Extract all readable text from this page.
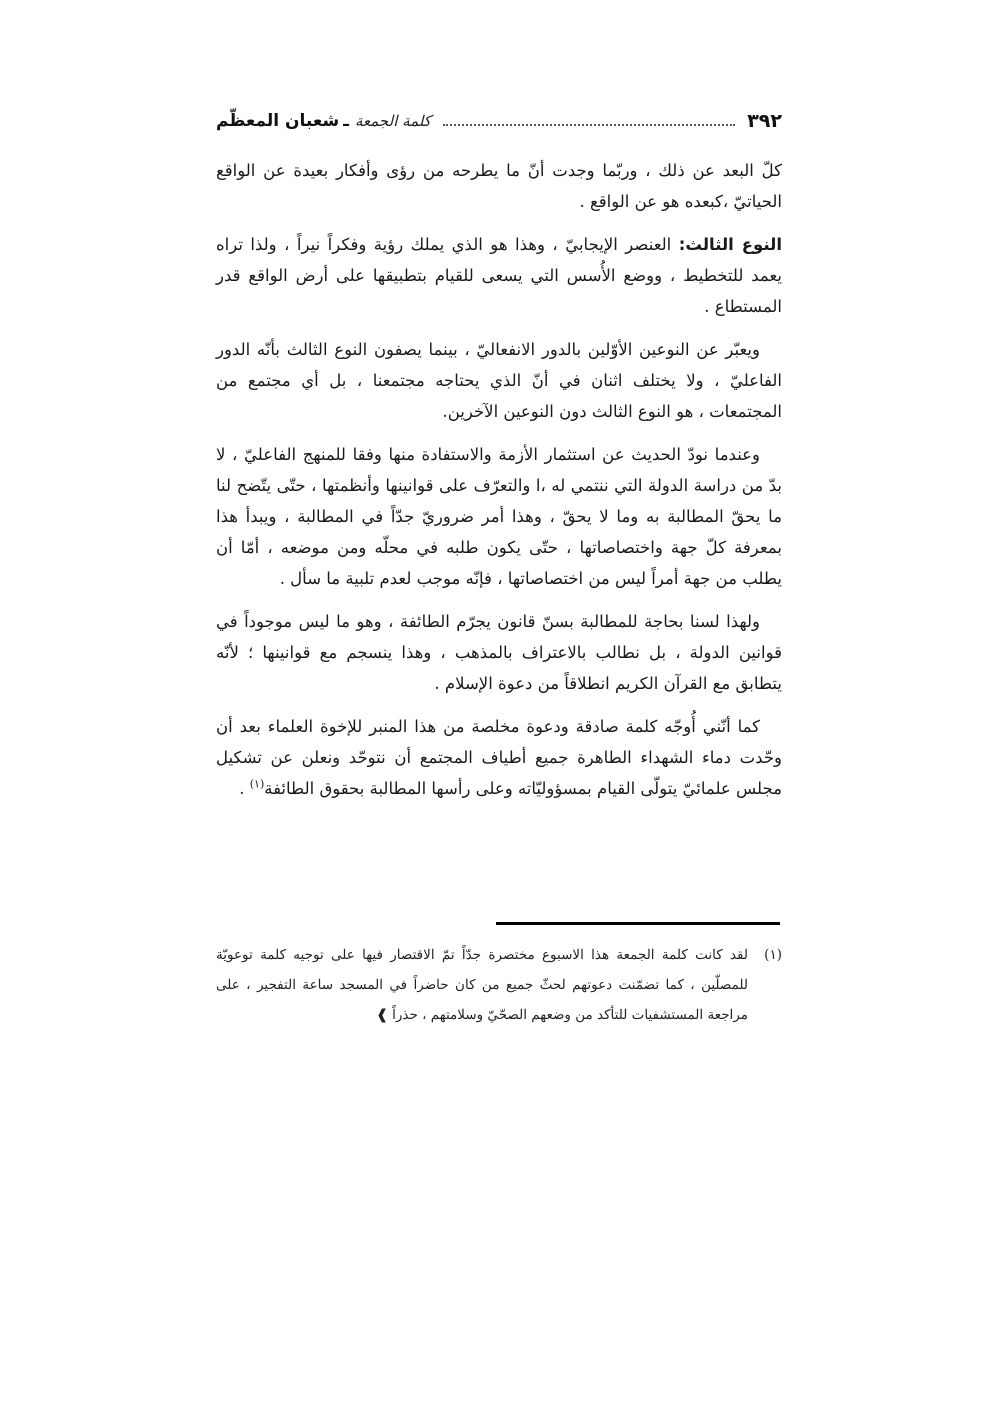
٣٩٢
كلمة الجمعة
ـ
شعبان المعظّم

كلّ البعد عن ذلك ، وربّما وجدت أنّ ما يطرحه من رؤى وأفكار بعيدة عن الواقع الحياتيّ ،كبعده هو عن الواقع .

النوع الثالث: العنصر الإيجابيّ ، وهذا هو الذي يملك رؤية وفكراً نيراً ، ولذا تراه يعمد للتخطيط ، ووضع الأُسس التي يسعى للقيام بتطبيقها على أرض الواقع قدر المستطاع .

ويعبّر عن النوعين الأوّلين بالدور الانفعاليّ ، بينما يصفون النوع الثالث بأنّه الدور الفاعليّ ، ولا يختلف اثنان في أنّ الذي يحتاجه مجتمعنا ، بل أي مجتمع من المجتمعات ، هو النوع الثالث دون النوعين الآخرين.

وعندما نودّ الحديث عن استثمار الأزمة والاستفادة منها وفقا للمنهج الفاعليّ ، لا بدّ من دراسة الدولة التي ننتمي له ،ا والتعرّف على قوانينها وأنظمتها ، حتّى يتّضح لنا ما يحقّ المطالبة به وما لا يحقّ ، وهذا أمر ضروريّ جدّاً في المطالبة ، ويبدأ هذا بمعرفة كلّ جهة واختصاصاتها ، حتّى يكون طلبه في محلّه ومن موضعه ، أمّا أن يطلب من جهة أمراً ليس من اختصاصاتها ، فإنّه موجب لعدم تلبية ما سأل .

ولهذا لسنا بحاجة للمطالبة بسنّ قانون يجرّم الطائفة ، وهو ما ليس موجوداً في قوانين الدولة ، بل نطالب بالاعتراف بالمذهب ، وهذا ينسجم مع قوانينها ؛ لأنّه يتطابق مع القرآن الكريم انطلاقاً من دعوة الإسلام .

كما أنّني أُوجّه كلمة صادقة ودعوة مخلصة من هذا المنبر للإخوة العلماء بعد أن وحّدت دماء الشهداء الطاهرة جميع أطياف المجتمع أن نتوحّد ونعلن عن تشكيل مجلس علمائيّ يتولّى القيام بمسؤوليّاته وعلى رأسها المطالبة بحقوق الطائفة$^{(١)}$ .

(١)
لقد كانت كلمة الجمعة هذا الاسبوع مختصرة جدّاً تمّ الاقتصار فيها على توجيه كلمة توعويّة للمصلّين ، كما تضمّنت دعوتهم لحثّ جميع من كان حاضراً في المسجد ساعة التفجير ، على مراجعة المستشفيات للتأكد من وضعهم الصحّيّ وسلامتهم ، حذراً ❱
